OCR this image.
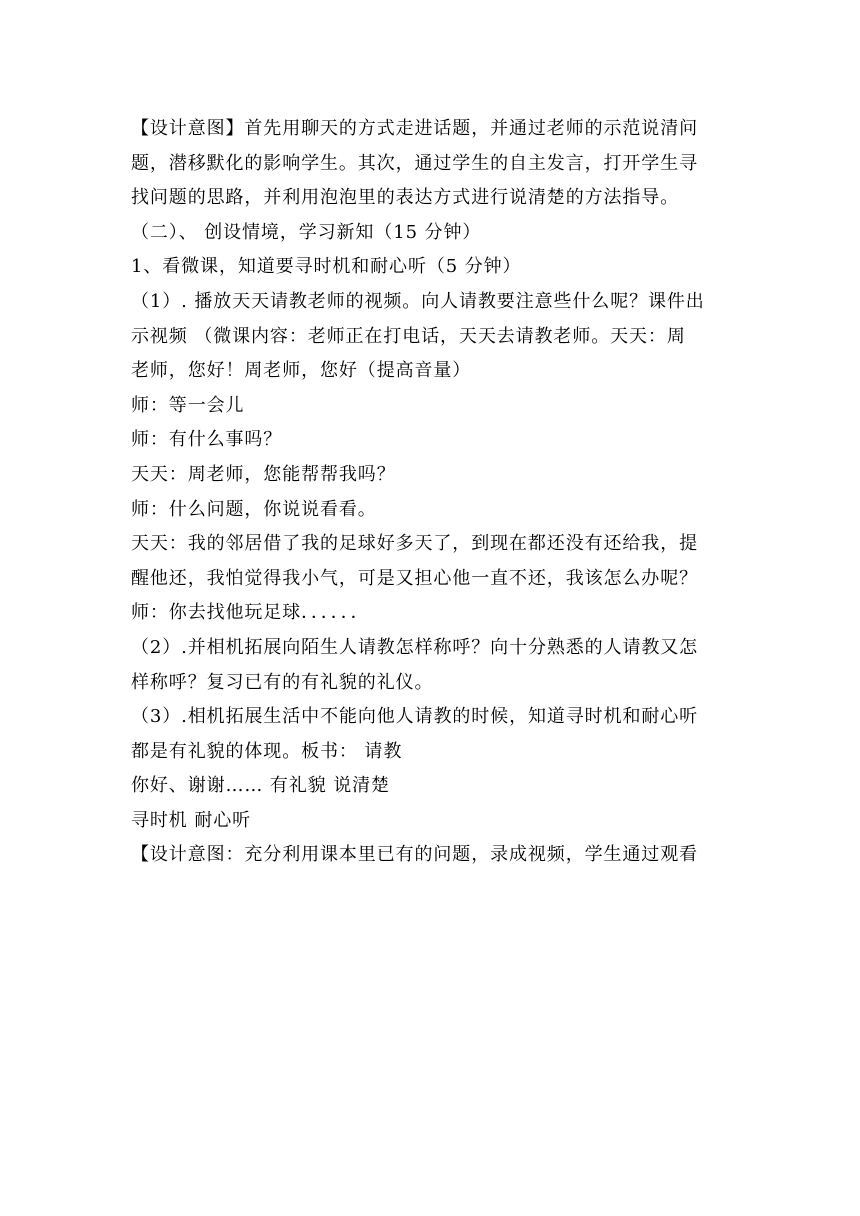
【设计意图】首先用聊天的方式走进话题，并通过老师的示范说清问
题，潜移默化的影响学生。其次，通过学生的自主发言，打开学生寻
找问题的思路，并利用泡泡里的表达方式进行说清楚的方法指导。
（二）、 创设情境，学习新知（15 分钟）
1、看微课，知道要寻时机和耐心听（5 分钟）
（1）. 播放天天请教老师的视频。向人请教要注意些什么呢？课件出
示视频 （微课内容：老师正在打电话，天天去请教老师。天天：周
老师，您好！周老师，您好（提高音量）
师：等一会儿
师：有什么事吗？
天天：周老师，您能帮帮我吗？
师：什么问题，你说说看看。
天天：我的邻居借了我的足球好多天了，到现在都还没有还给我，提
醒他还，我怕觉得我小气，可是又担心他一直不还，我该怎么办呢？
师：你去找他玩足球．．．．．．
（2）.并相机拓展向陌生人请教怎样称呼？向十分熟悉的人请教又怎
样称呼？复习已有的有礼貌的礼仪。
（3）.相机拓展生活中不能向他人请教的时候，知道寻时机和耐心听
都是有礼貌的体现。板书： 请教
你好、谢谢…… 有礼貌 说清楚
寻时机 耐心听
【设计意图：充分利用课本里已有的问题，录成视频，学生通过观看
